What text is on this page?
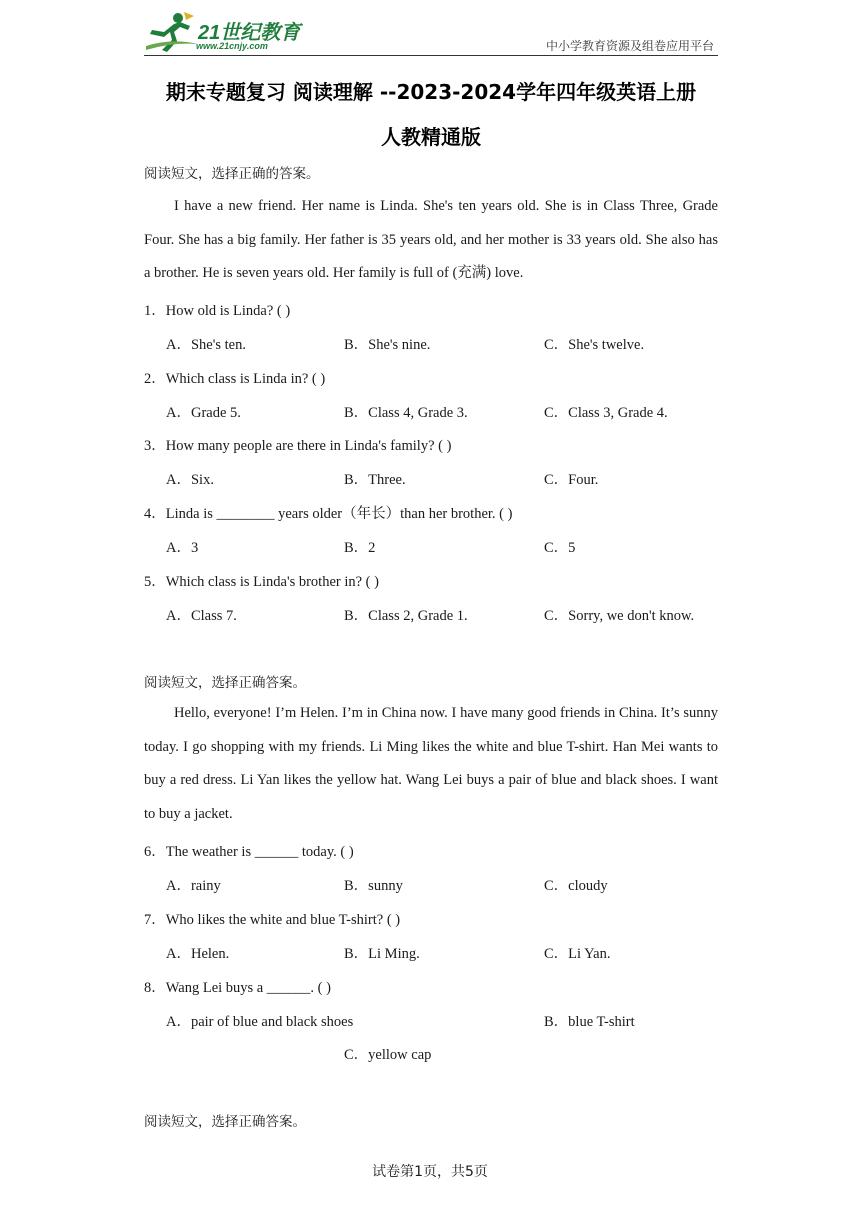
21世纪教育
www.21cnjy.com	中小学教育资源及组卷应用平台
期末专题复习 阅读理解 --2023-2024学年四年级英语上册
人教精通版
阅读短文，选择正确的答案。

I have a new friend. Her name is Linda. She's ten years old. She is in Class Three, Grade Four. She has a big family. Her father is 35 years old, and her mother is 33 years old. She also has a brother. He is seven years old. Her family is full of (充满) love.

1．How old is Linda? ( )
A．She's ten.	B．She's nine.	C．She's twelve.
2．Which class is Linda in? ( )
A．Grade 5.	B．Class 4, Grade 3.	C．Class 3, Grade 4.
3．How many people are there in Linda's family? ( )
A．Six.	B．Three.	C．Four.
4．Linda is ________ years older（年长）than her brother. ( )
A．3	B．2	C．5
5．Which class is Linda's brother in? ( )
A．Class 7.	B．Class 2, Grade 1.	C．Sorry, we don't know.
阅读短文，选择正确答案。

Hello, everyone! I’m Helen. I’m in China now. I have many good friends in China. It’s sunny today. I go shopping with my friends. Li Ming likes the white and blue T-shirt. Han Mei wants to buy a red dress. Li Yan likes the yellow hat. Wang Lei buys a pair of blue and black shoes. I want to buy a jacket.

6．The weather is ______ today. ( )
A．rainy	B．sunny	C．cloudy
7．Who likes the white and blue T-shirt? ( )
A．Helen.	B．Li Ming.	C．Li Yan.
8．Wang Lei buys a ______. ( )
A．pair of blue and black shoes	B．blue T-shirt
C．yellow cap
阅读短文，选择正确答案。
试卷第1页，共5页
